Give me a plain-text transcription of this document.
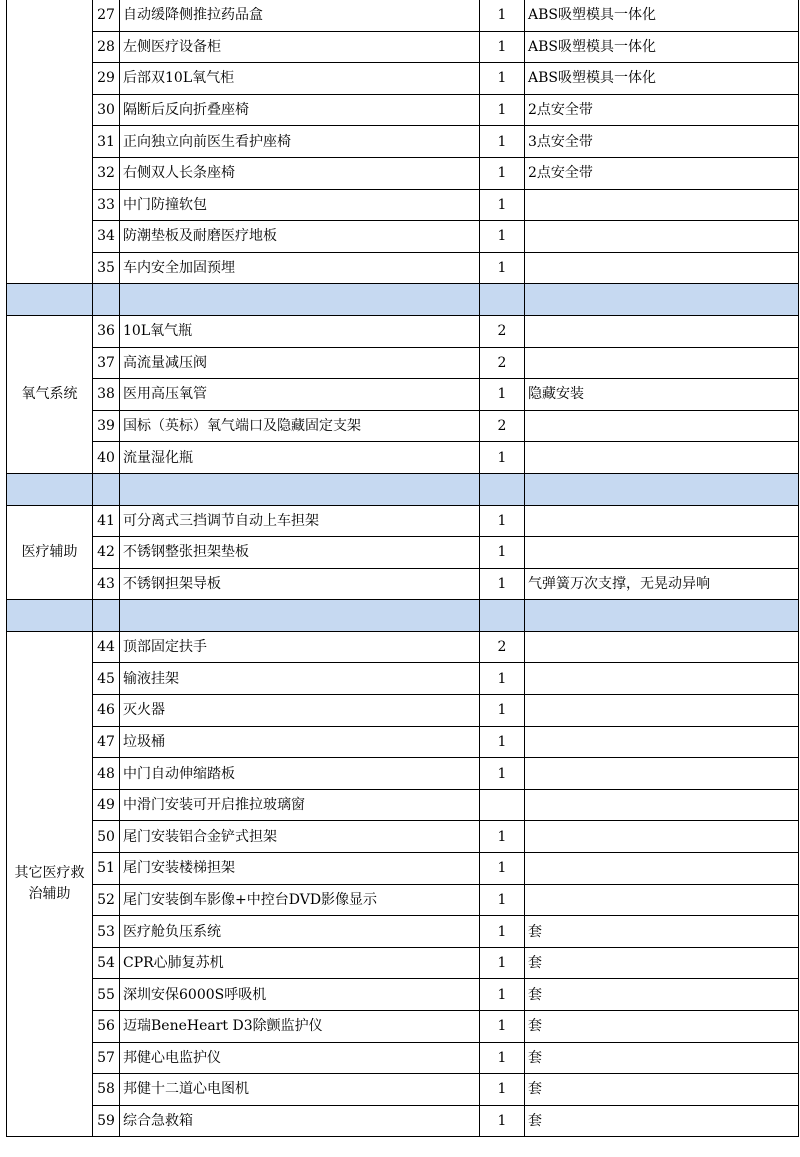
	27	自动缓降侧推拉药品盒	1	ABS吸塑模具一体化
	28	左侧医疗设备柜	1	ABS吸塑模具一体化
	29	后部双10L氧气柜	1	ABS吸塑模具一体化
	30	隔断后反向折叠座椅	1	2点安全带
	31	正向独立向前医生看护座椅	1	3点安全带
	32	右侧双人长条座椅	1	2点安全带
	33	中门防撞软包	1	
	34	防潮垫板及耐磨医疗地板	1	
	35	车内安全加固预埋	1	

氧气系统	36	10L氧气瓶	2	
	37	高流量减压阀	2	
	38	医用高压氧管	1	隐藏安装
	39	国标（英标）氧气端口及隐藏固定支架	2	
	40	流量湿化瓶	1	

医疗辅助	41	可分离式三挡调节自动上车担架	1	
	42	不锈钢整张担架垫板	1	
	43	不锈钢担架导板	1	气弹簧万次支撑，无晃动异响

其它医疗救治辅助	44	顶部固定扶手	2	
	45	输液挂架	1	
	46	灭火器	1	
	47	垃圾桶	1	
	48	中门自动伸缩踏板	1	
	49	中滑门安装可开启推拉玻璃窗		
	50	尾门安装铝合金铲式担架	1	
	51	尾门安装楼梯担架	1	
	52	尾门安装倒车影像+中控台DVD影像显示	1	
	53	医疗舱负压系统	1	套
	54	CPR心肺复苏机	1	套
	55	深圳安保6000S呼吸机	1	套
	56	迈瑞BeneHeart D3除颤监护仪	1	套
	57	邦健心电监护仪	1	套
	58	邦健十二道心电图机	1	套
	59	综合急救箱	1	套
